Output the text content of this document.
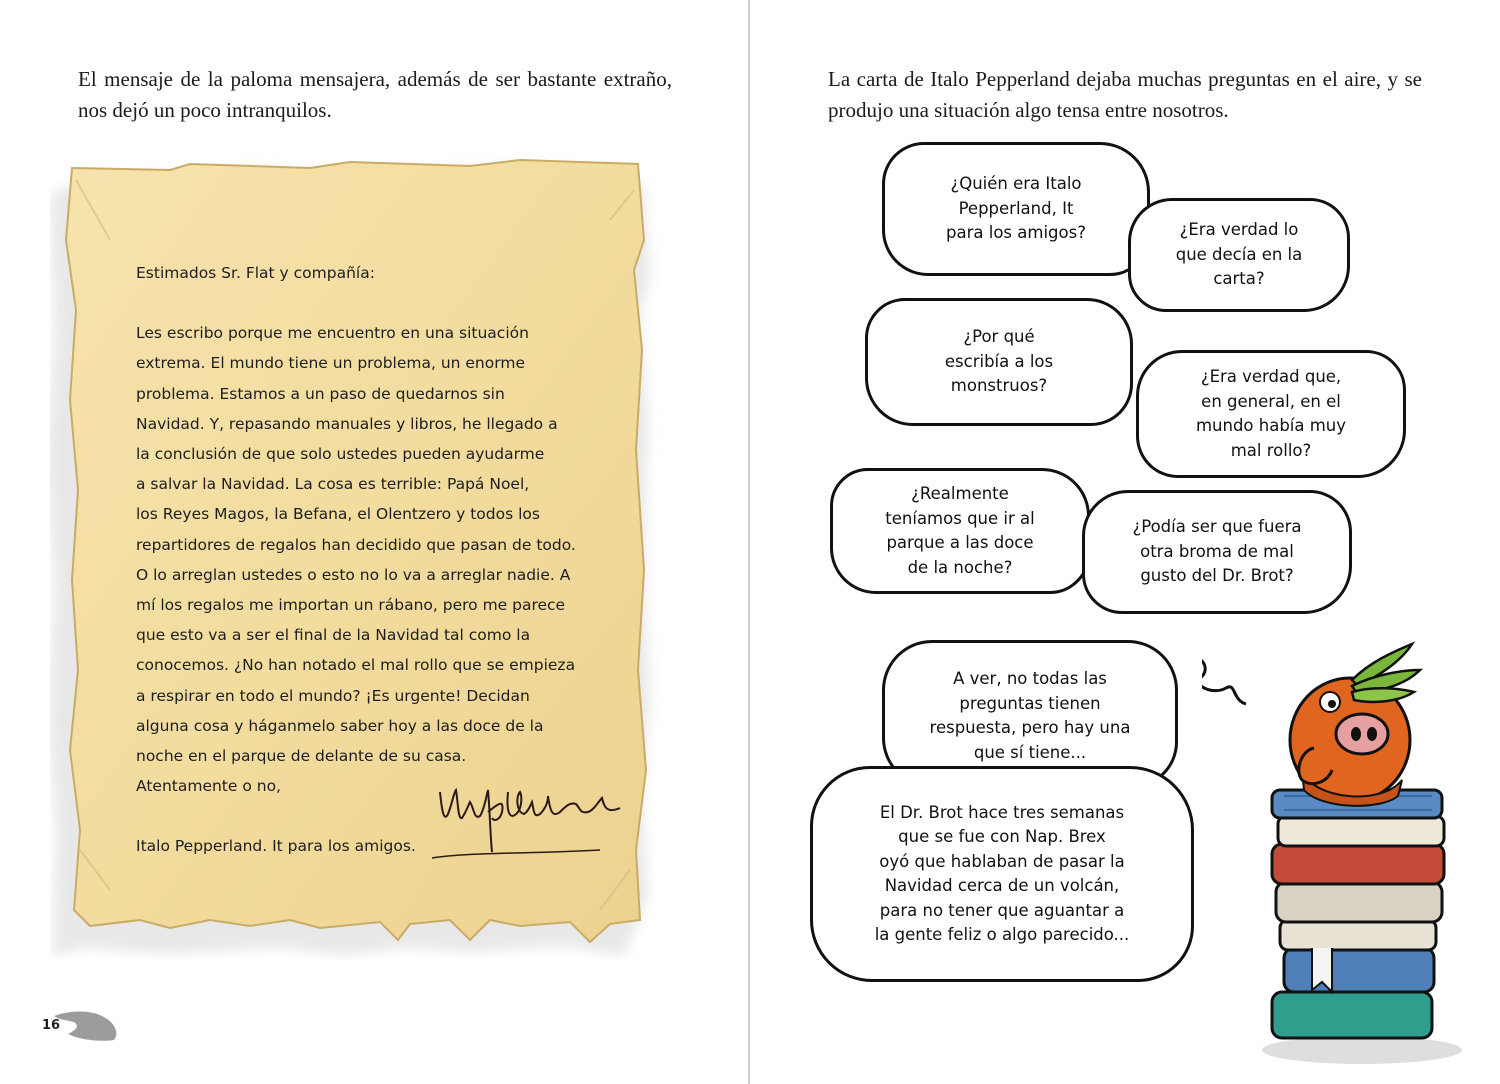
El mensaje de la paloma mensajera, además de ser bastante extraño, nos dejó un poco intranquilos.

Estimados Sr. Flat y compañía:

Les escribo porque me encuentro en una situación

extrema. El mundo tiene un problema, un enorme

problema. Estamos a un paso de quedarnos sin

Navidad. Y, repasando manuales y libros, he llegado a

la conclusión de que solo ustedes pueden ayudarme

a salvar la Navidad. La cosa es terrible: Papá Noel,

los Reyes Magos, la Befana, el Olentzero y todos los

repartidores de regalos han decidido que pasan de todo.

O lo arreglan ustedes o esto no lo va a arreglar nadie. A

mí los regalos me importan un rábano, pero me parece

que esto va a ser el final de la Navidad tal como la

conocemos. ¿No han notado el mal rollo que se empieza

a respirar en todo el mundo? ¡Es urgente! Decidan

alguna cosa y háganmelo saber hoy a las doce de la

noche en el parque de delante de su casa.

Atentamente o no,

Italo Pepperland. It para los amigos.

16

La carta de Italo Pepperland dejaba muchas preguntas en el aire, y se produjo una situación algo tensa entre nosotros.

¿Quién era Italo
Pepperland, It
para los amigos?	¿Era verdad lo
que decía en la
carta?
¿Por qué
escribía a los
monstruos?	¿Era verdad que,
en general, en el
mundo había muy
mal rollo?
¿Realmente
teníamos que ir al
parque a las doce
de la noche?
¿Podía ser que fuera
otra broma de mal
gusto del Dr. Brot?
A ver, no todas las
preguntas tienen
respuesta, pero hay una
que sí tiene...
El Dr. Brot hace tres semanas
que se fue con Nap. Brex
oyó que hablaban de pasar la
Navidad cerca de un volcán,
para no tener que aguantar a
la gente feliz o algo parecido...
